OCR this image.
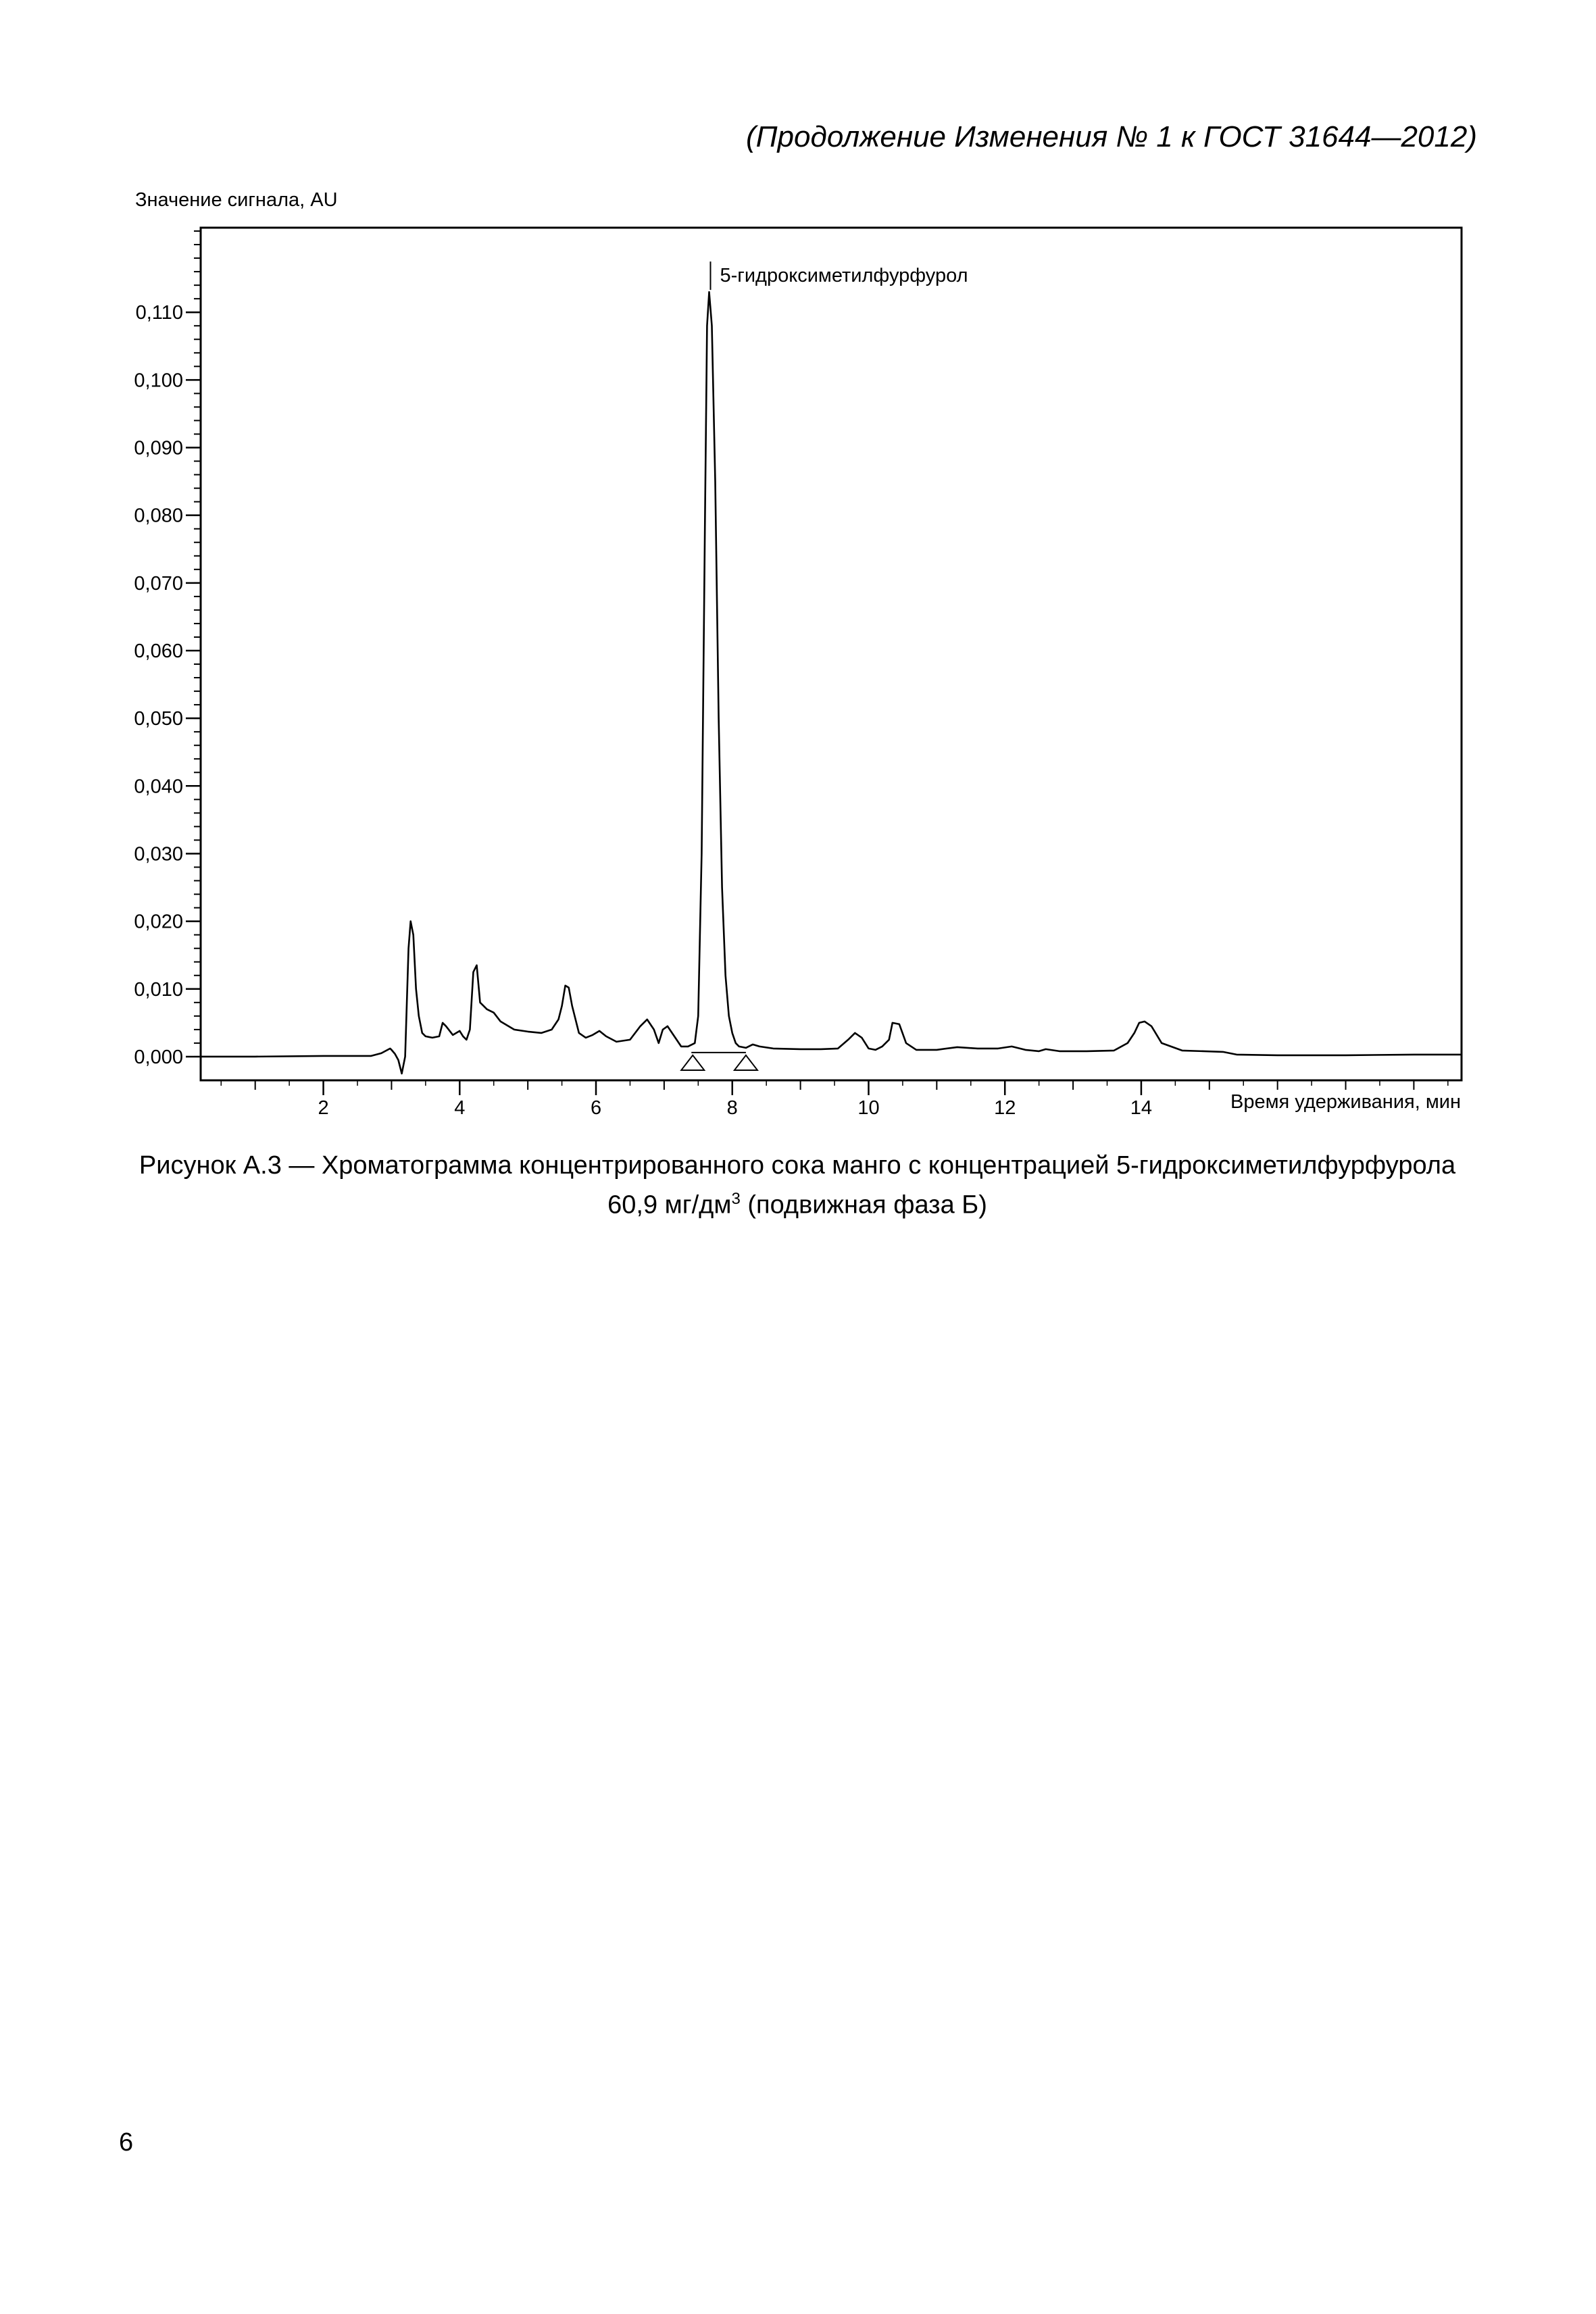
(Продолжение Изменения № 1 к ГОСТ 31644—2012)
Значение сигнала, AU
0,000
0,010
0,020
0,030
0,040
0,050
0,060
0,070
0,080
0,090
0,100
0,110
2	4	6	8	10	12	14
5-гидроксиметилфурфурол
Время удерживания, мин
Рисунок А.3 — Хроматограмма концентрированного сока манго с концентрацией 5-гидроксиметилфурфурола
60,9 $мг/дм^3$ (подвижная фаза Б)
6
